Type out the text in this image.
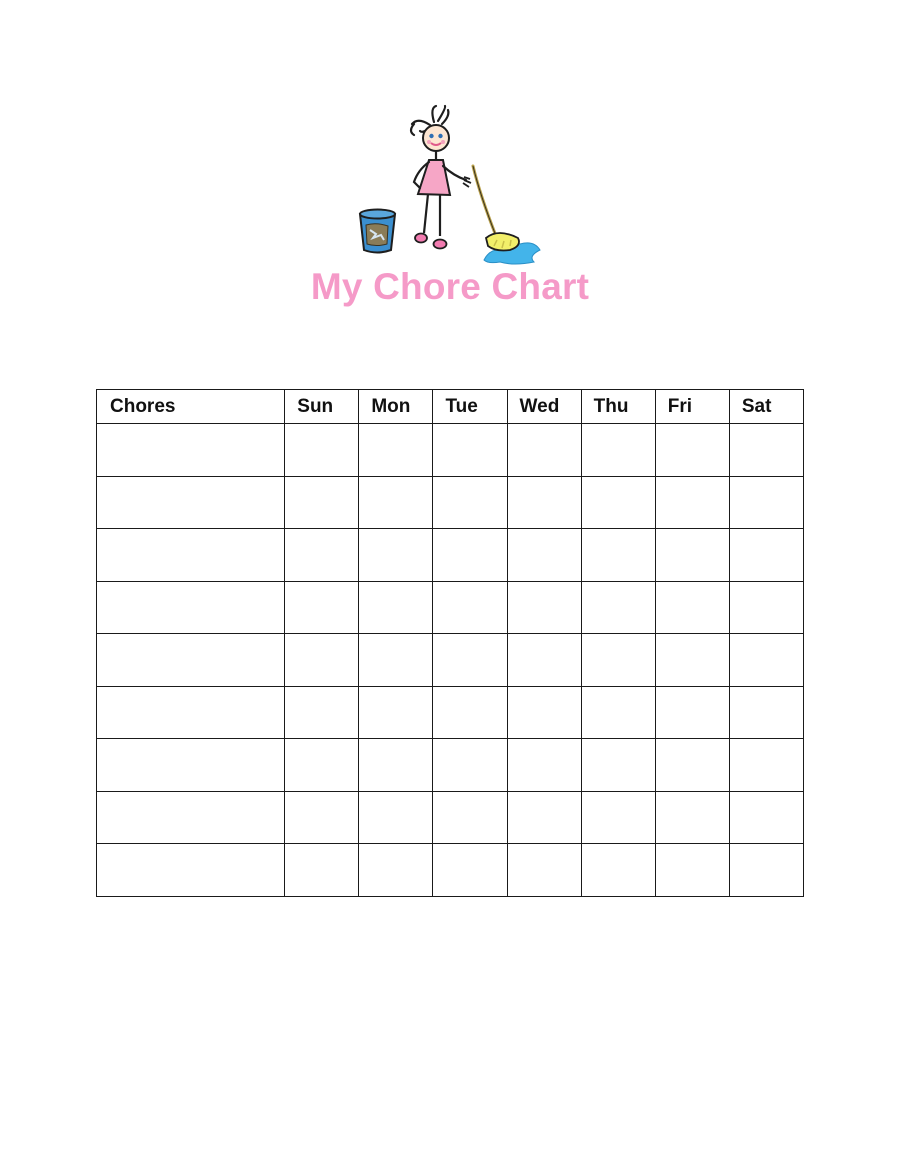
My Chore Chart
Chores	Sun	Mon	Tue	Wed	Thu	Fri	Sat
